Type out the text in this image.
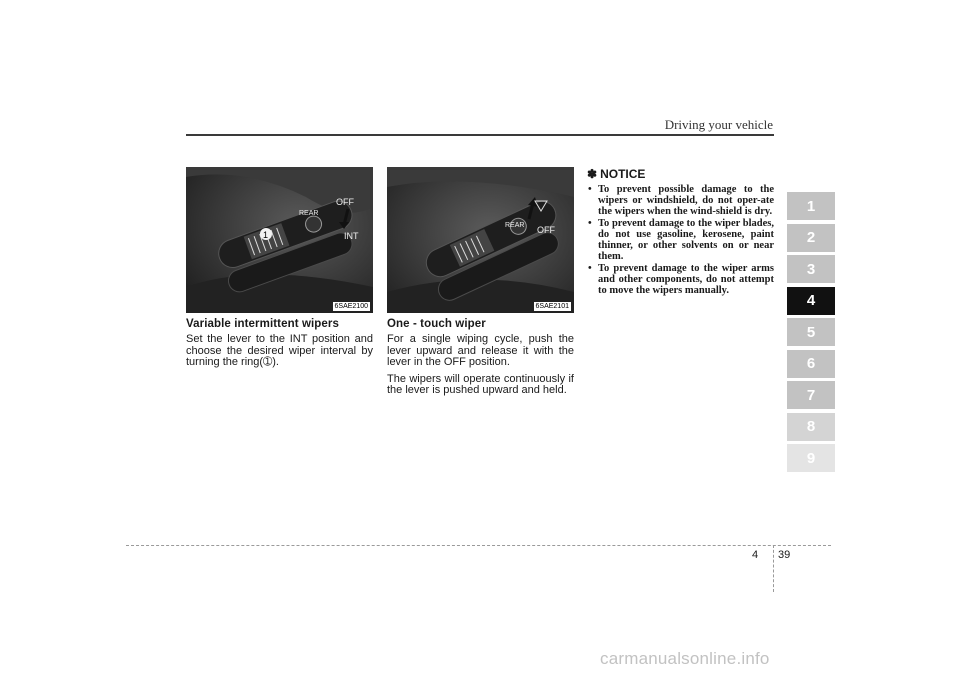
Driving your vehicle
1
REAR
OFF
INT
6SAE2100
Variable intermittent wipers

Set the lever to the INT position and choose the desired wiper interval by turning the ring(➀).

REAR OFF
6SAE2101
One - touch wiper

For a single wiping cycle, push the lever upward and release it with the lever in the OFF position.

The wipers will operate continuously if the lever is pushed upward and held.

✽ NOTICE
• To prevent possible damage to the wipers or windshield, do not oper-ate the wipers when the wind-shield is dry.
• To prevent damage to the wiper blades, do not use gasoline, kerosene, paint thinner, or other solvents on or near them.
• To prevent damage to the wiper arms and other components, do not attempt to move the wipers manually.
1
2
3
4
5
6
7
8
9
4 39
carmanualsonline.info
